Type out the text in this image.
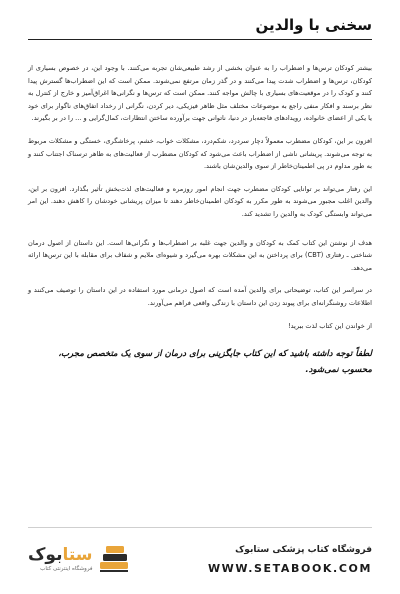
سخنی با والدین

بیشتر کودکان ترس‌ها و اضطراب را به عنوان بخشی از رشد طبیعی‌شان تجربه می‌کنند. با وجود این، در خصوص بسیاری از کودکان، ترس‌ها و اضطراب شدت پیدا می‌کنند و در گذر زمان مرتفع نمی‌شوند. ممکن است که این اضطراب‌ها گسترش پیدا کنند و کودک را در موقعیت‌های بسیاری با چالش مواجه کنند. ممکن است که ترس‌ها و نگرانی‌ها اغراق‌آمیز و خارج از کنترل به نظر برسند و افکار منفی راجع به موضوعات مختلف مثل ظاهر فیزیکی، دیر کردن، نگرانی از رخداد اتفاق‌های ناگوار برای خود یا یکی از اعضای خانواده، رویدادهای فاجعه‌بار در دنیا، ناتوانی جهت برآورده ساختن انتظارات، کمال‌گرایی و ... را در بر بگیرند.

افزون بر این، کودکان مضطرب معمولاً دچار سردرد، شکم‌درد، مشکلات خواب، خشم، پرخاشگری، خستگی و مشکلات مربوط به توجه می‌شوند. پریشانی ناشی از اضطراب باعث می‌شود که کودکان مضطرب از فعالیت‌های به ظاهر ترسناک اجتناب کنند و به طور مداوم در پی اطمینان‌خاطر از سوی والدین‌شان باشند.

این رفتار می‌تواند بر توانایی کودکان مضطرب جهت انجام امور روزمره و فعالیت‌های لذت‌بخش تأثیر بگذارد. افزون بر این، والدین اغلب مجبور می‌شوند به طور مکرر به کودکان اطمینان‌خاطر دهند تا میزان پریشانی خودشان را کاهش دهند. این امر می‌تواند وابستگی کودک به والدین را تشدید کند.

هدف از نوشتن این کتاب کمک به کودکان و والدین جهت غلبه بر اضطراب‌ها و نگرانی‌ها است. این داستان از اصول درمان شناختی ـ رفتاری (CBT) برای پرداختن به این مشکلات بهره می‌گیرد و شیوه‌ای ملایم و شفاف برای مقابله با این ترس‌ها ارائه می‌دهد.

در سراسر این کتاب، توضیحاتی برای والدین آمده است که اصول درمانی مورد استفاده در این داستان را توصیف می‌کنند و اطلاعات روشنگرانه‌ای برای پیوند زدن این داستان با زندگی واقعی فراهم می‌آورند.

از خواندن این کتاب لذت ببرید!

لطفاً توجه داشته باشید که این کتاب جایگزینی برای درمان از سوی یک متخصص مجرب، محسوب نمی‌شود.

فروشگاه کتاب پزشکی ستابوک
WWW.SETABOOK.COM
ستابوک
فروشگاه اینترنتی کتاب
